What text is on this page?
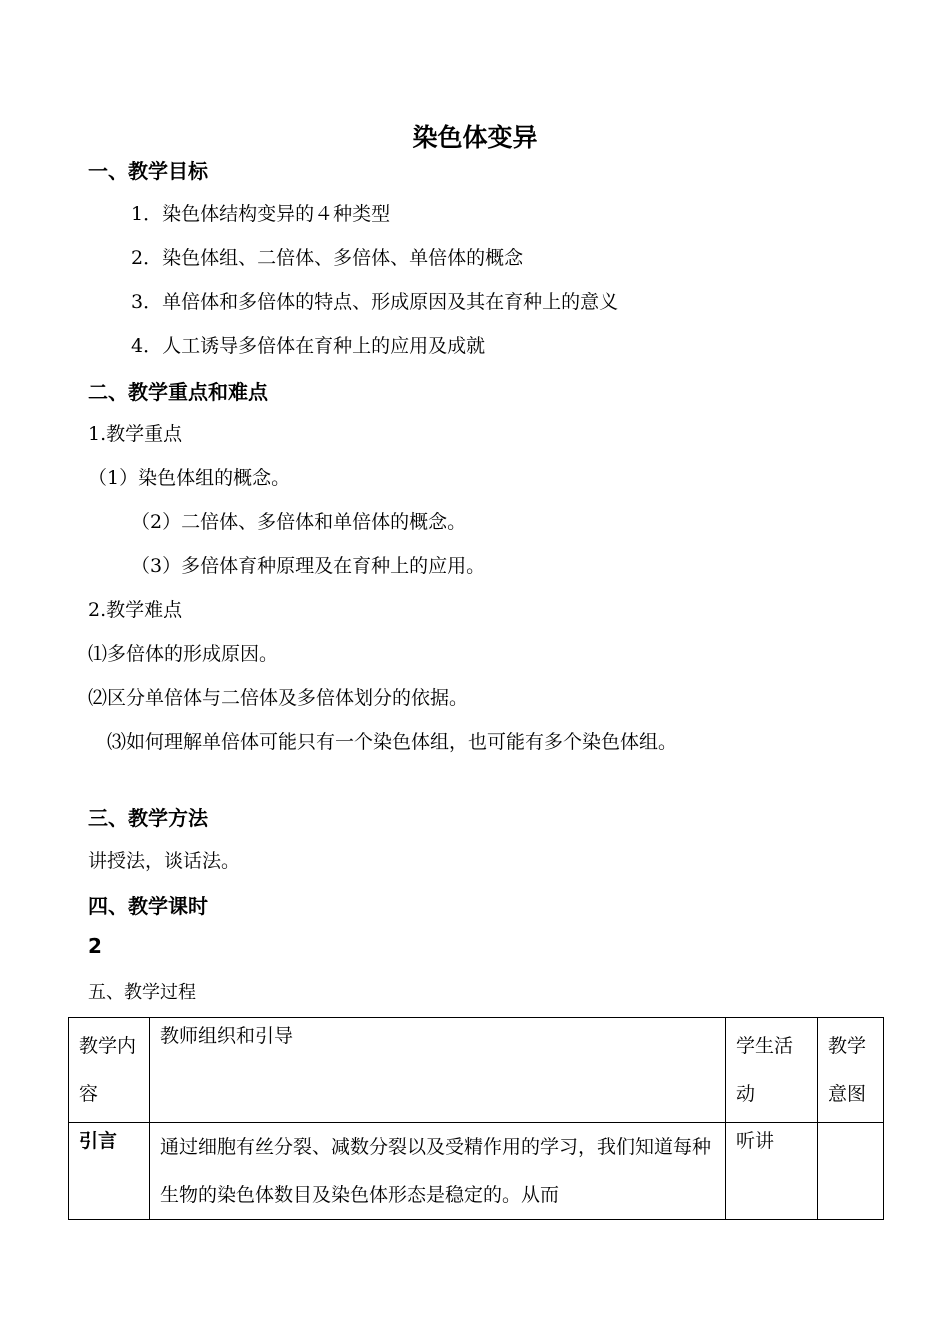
染色体变异
一、教学目标
1．染色体结构变异的４种类型
2．染色体组、二倍体、多倍体、单倍体的概念
3．单倍体和多倍体的特点、形成原因及其在育种上的意义
4．人工诱导多倍体在育种上的应用及成就
二、教学重点和难点
1.教学重点
（1）染色体组的概念。
（2）二倍体、多倍体和单倍体的概念。
（3）多倍体育种原理及在育种上的应用。
2.教学难点
⑴多倍体的形成原因。
⑵区分单倍体与二倍体及多倍体划分的依据。
⑶如何理解单倍体可能只有一个染色体组，也可能有多个染色体组。
三、教学方法
讲授法，谈话法。
四、教学课时
2
五、教学过程
教学内容	教师组织和引导	学生活动	教学意图
引言	通过细胞有丝分裂、减数分裂以及受精作用的学习，我们知道每种生物的染色体数目及染色体形态是稳定的。从而	听讲	
